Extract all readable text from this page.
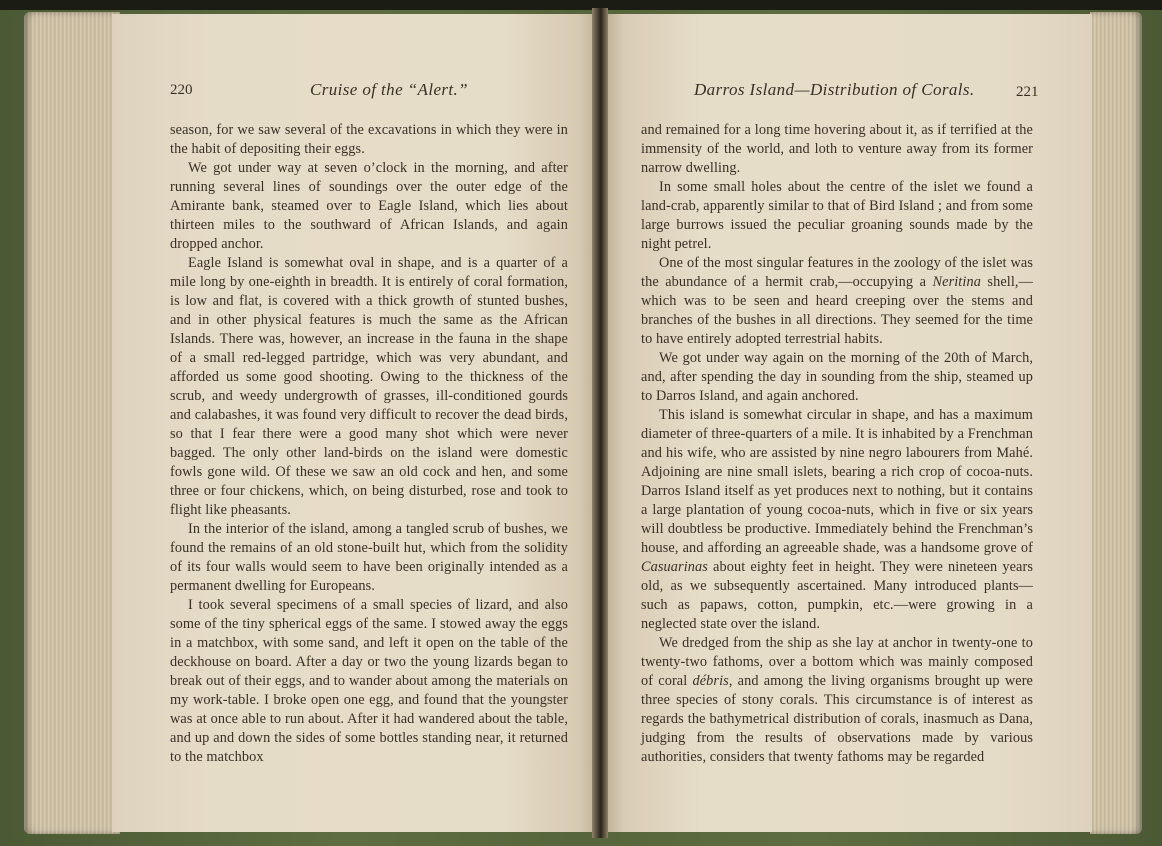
220	Cruise of the “Alert.”	Darros Island—Distribution of Corals.	221

season, for we saw several of the excavations in which they were in the habit of depositing their eggs.

We got under way at seven o’clock in the morning, and after running several lines of soundings over the outer edge of the Amirante bank, steamed over to Eagle Island, which lies about thirteen miles to the southward of African Islands, and again dropped anchor.

Eagle Island is somewhat oval in shape, and is a quarter of a mile long by one-eighth in breadth. It is entirely of coral formation, is low and flat, is covered with a thick growth of stunted bushes, and in other physical features is much the same as the African Islands. There was, however, an increase in the fauna in the shape of a small red-legged partridge, which was very abundant, and afforded us some good shooting. Owing to the thickness of the scrub, and weedy undergrowth of grasses, ill-conditioned gourds and calabashes, it was found very difficult to recover the dead birds, so that I fear there were a good many shot which were never bagged. The only other land-birds on the island were domestic fowls gone wild. Of these we saw an old cock and hen, and some three or four chickens, which, on being disturbed, rose and took to flight like pheasants.

In the interior of the island, among a tangled scrub of bushes, we found the remains of an old stone-built hut, which from the solidity of its four walls would seem to have been originally intended as a permanent dwelling for Europeans.

I took several specimens of a small species of lizard, and also some of the tiny spherical eggs of the same. I stowed away the eggs in a matchbox, with some sand, and left it open on the table of the deckhouse on board. After a day or two the young lizards began to break out of their eggs, and to wander about among the materials on my work-table. I broke open one egg, and found that the youngster was at once able to run about. After it had wandered about the table, and up and down the sides of some bottles standing near, it returned to the matchbox

and remained for a long time hovering about it, as if terrified at the immensity of the world, and loth to venture away from its former narrow dwelling.

In some small holes about the centre of the islet we found a land-crab, apparently similar to that of Bird Island ; and from some large burrows issued the peculiar groaning sounds made by the night petrel.

One of the most singular features in the zoology of the islet was the abundance of a hermit crab,—occupying a Neritina shell,—which was to be seen and heard creeping over the stems and branches of the bushes in all directions. They seemed for the time to have entirely adopted terrestrial habits.

We got under way again on the morning of the 20th of March, and, after spending the day in sounding from the ship, steamed up to Darros Island, and again anchored.

This island is somewhat circular in shape, and has a maximum diameter of three-quarters of a mile. It is inhabited by a Frenchman and his wife, who are assisted by nine negro labourers from Mahé. Adjoining are nine small islets, bearing a rich crop of cocoa-nuts. Darros Island itself as yet produces next to nothing, but it contains a large plantation of young cocoa-nuts, which in five or six years will doubtless be productive. Immediately behind the Frenchman’s house, and affording an agreeable shade, was a handsome grove of Casuarinas about eighty feet in height. They were nineteen years old, as we subsequently ascertained. Many introduced plants—such as papaws, cotton, pumpkin, etc.—were growing in a neglected state over the island.

We dredged from the ship as she lay at anchor in twenty-one to twenty-two fathoms, over a bottom which was mainly composed of coral débris, and among the living organisms brought up were three species of stony corals. This circumstance is of interest as regards the bathymetrical distribution of corals, inasmuch as Dana, judging from the results of observations made by various authorities, considers that twenty fathoms may be regarded
